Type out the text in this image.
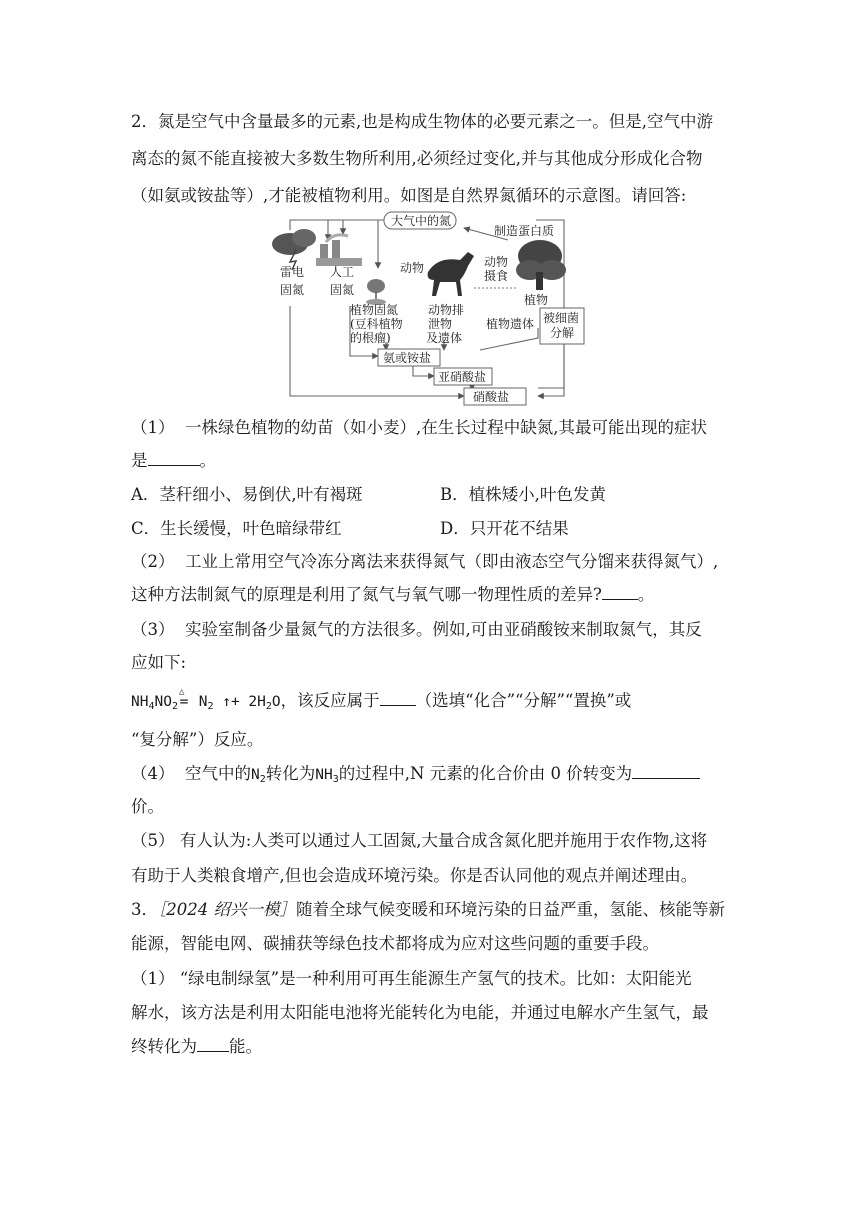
2．氮是空气中含量最多的元素,也是构成生物体的必要元素之一。但是,空气中游
离态的氮不能直接被大多数生物所利用,必须经过变化,并与其他成分形成化合物
（如氨或铵盐等）,才能被植物利用。如图是自然界氮循环的示意图。请回答:
大气中的氮
制造蛋白质
雷电
固氮
人工
固氮
植物固氮
(豆科植物
的根瘤)
动物
动物排
泄物
及遗体
动物
摄食
植物
植物遗体 被细菌
分解
氨或铵盐
亚硝酸盐
硝酸盐
（1） 一株绿色植物的幼苗（如小麦）,在生长过程中缺氮,其最可能出现的症状
是	。
A．茎秆细小、易倒伏,叶有褐斑	B．植株矮小,叶色发黄
C．生长缓慢，叶色暗绿带红	D．只开花不结果
（2） 工业上常用空气冷冻分离法来获得氮气（即由液态空气分馏来获得氮气）,
这种方法制氮气的原理是利用了氮气与氧气哪一物理性质的差异? 。
（3） 实验室制备少量氮气的方法很多。例如,可由亚硝酸铵来制取氮气，其反
应如下:
$NH_4NO_2$
△
= $N_2$ ↑+ $2H_2O$，该反应属于 （选填“化合”“分解”“置换”或
“复分解”）反应。
（4） 空气中的$N_2$转化为$NH_3$的过程中,N 元素的化合价由 0 价转变为
价。
（5） 有人认为:人类可以通过人工固氮,大量合成含氮化肥并施用于农作物,这将
有助于人类粮食增产,但也会造成环境污染。你是否认同他的观点并阐述理由。
3．［2024 绍兴一模］随着全球气候变暖和环境污染的日益严重，氢能、核能等新
能源，智能电网、碳捕获等绿色技术都将成为应对这些问题的重要手段。
（1） “绿电制绿氢”是一种利用可再生能源生产氢气的技术。比如：太阳能光
解水，该方法是利用太阳能电池将光能转化为电能，并通过电解水产生氢气，最
终转化为 能。
